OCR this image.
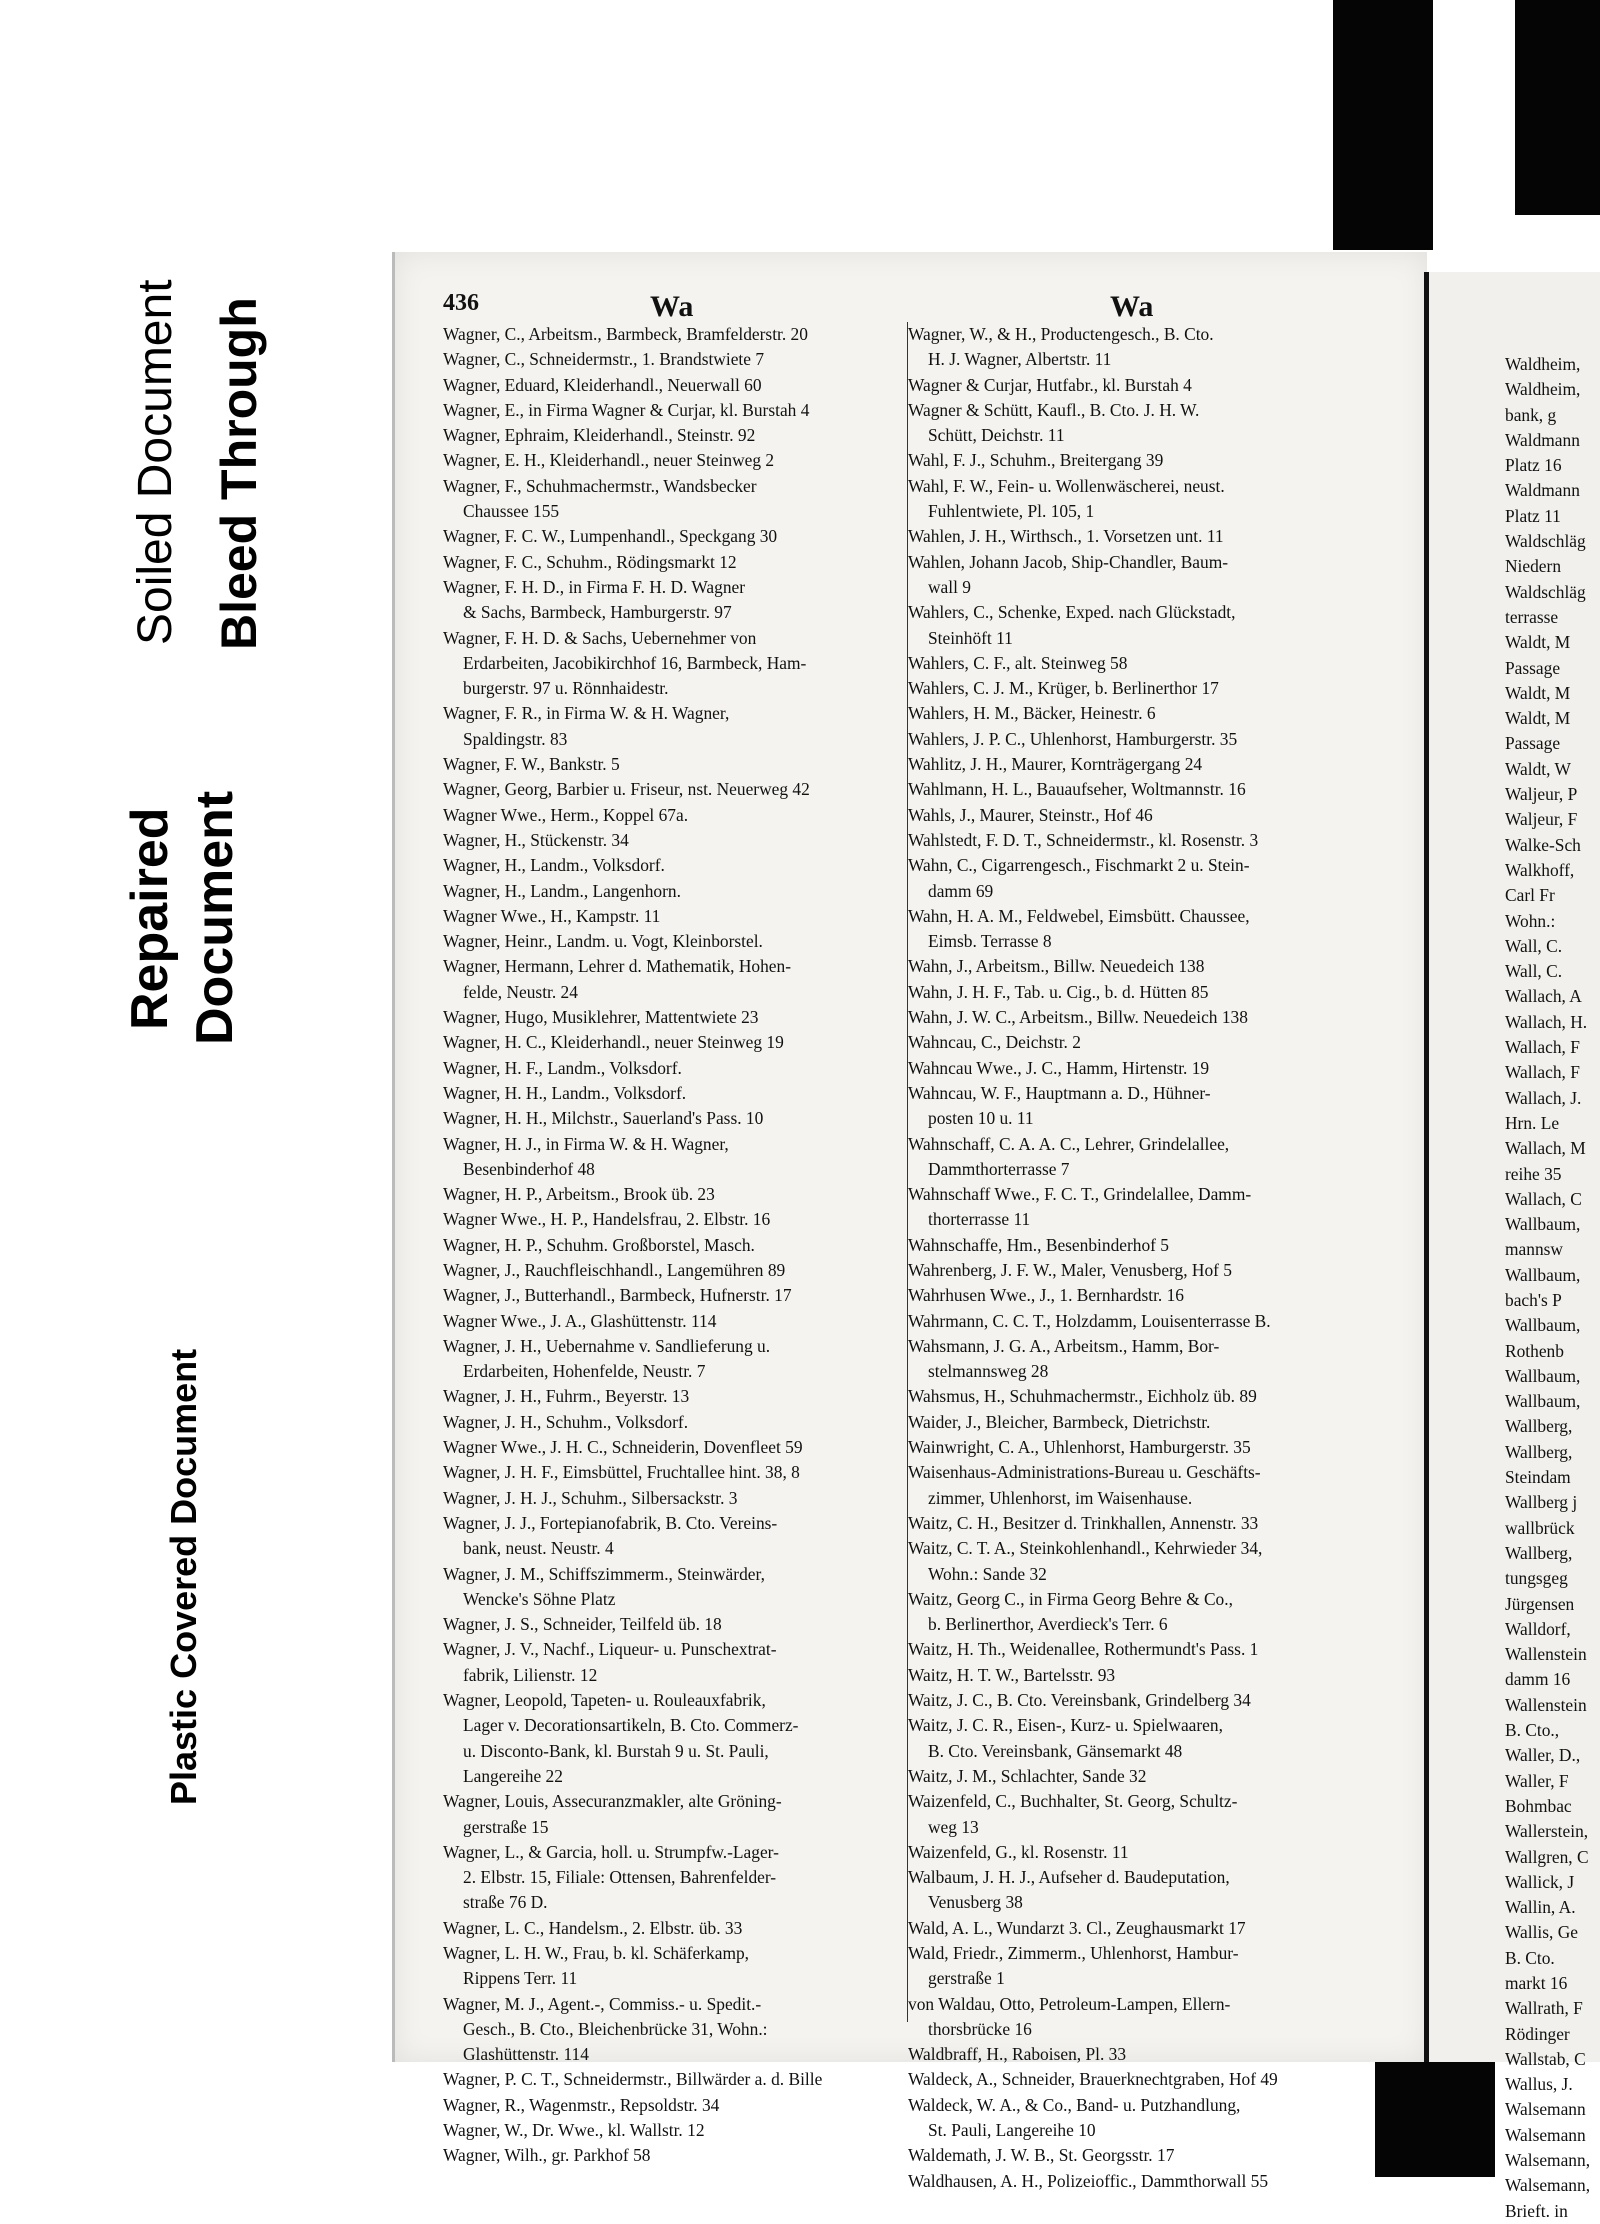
Soiled Document Bleed Through
Repaired Document
Plastic Covered Document
436	Wa	Wa
Wagner, C., Arbeitsm., Barmbeck, Bramfelderstr. 20
Wagner, C., Schneidermstr., 1. Brandstwiete 7
Wagner, Eduard, Kleiderhandl., Neuerwall 60
Wagner, E., in Firma Wagner & Curjar, kl. Burstah 4
Wagner, Ephraim, Kleiderhandl., Steinstr. 92
Wagner, E. H., Kleiderhandl., neuer Steinweg 2
Wagner, F., Schuhmachermstr., Wandsbecker
Chaussee 155
Wagner, F. C. W., Lumpenhandl., Speckgang 30
Wagner, F. C., Schuhm., Rödingsmarkt 12
Wagner, F. H. D., in Firma F. H. D. Wagner
& Sachs, Barmbeck, Hamburgerstr. 97
Wagner, F. H. D. & Sachs, Uebernehmer von
Erdarbeiten, Jacobikirchhof 16, Barmbeck, Ham-
burgerstr. 97 u. Rönnhaidestr.
Wagner, F. R., in Firma W. & H. Wagner,
Spaldingstr. 83
Wagner, F. W., Bankstr. 5
Wagner, Georg, Barbier u. Friseur, nst. Neuerweg 42
Wagner Wwe., Herm., Koppel 67a.
Wagner, H., Stückenstr. 34
Wagner, H., Landm., Volksdorf.
Wagner, H., Landm., Langenhorn.
Wagner Wwe., H., Kampstr. 11
Wagner, Heinr., Landm. u. Vogt, Kleinborstel.
Wagner, Hermann, Lehrer d. Mathematik, Hohen-
felde, Neustr. 24
Wagner, Hugo, Musiklehrer, Mattentwiete 23
Wagner, H. C., Kleiderhandl., neuer Steinweg 19
Wagner, H. F., Landm., Volksdorf.
Wagner, H. H., Landm., Volksdorf.
Wagner, H. H., Milchstr., Sauerland's Pass. 10
Wagner, H. J., in Firma W. & H. Wagner,
Besenbinderhof 48
Wagner, H. P., Arbeitsm., Brook üb. 23
Wagner Wwe., H. P., Handelsfrau, 2. Elbstr. 16
Wagner, H. P., Schuhm. Großborstel, Masch.
Wagner, J., Rauchfleischhandl., Langemühren 89
Wagner, J., Butterhandl., Barmbeck, Hufnerstr. 17
Wagner Wwe., J. A., Glashüttenstr. 114
Wagner, J. H., Uebernahme v. Sandlieferung u.
Erdarbeiten, Hohenfelde, Neustr. 7
Wagner, J. H., Fuhrm., Beyerstr. 13
Wagner, J. H., Schuhm., Volksdorf.
Wagner Wwe., J. H. C., Schneiderin, Dovenfleet 59
Wagner, J. H. F., Eimsbüttel, Fruchtallee hint. 38, 8
Wagner, J. H. J., Schuhm., Silbersackstr. 3
Wagner, J. J., Fortepianofabrik, B. Cto. Vereins-
bank, neust. Neustr. 4
Wagner, J. M., Schiffszimmerm., Steinwärder,
Wencke's Söhne Platz
Wagner, J. S., Schneider, Teilfeld üb. 18
Wagner, J. V., Nachf., Liqueur- u. Punschextrat-
fabrik, Lilienstr. 12
Wagner, Leopold, Tapeten- u. Rouleauxfabrik,
Lager v. Decorationsartikeln, B. Cto. Commerz-
u. Disconto-Bank, kl. Burstah 9 u. St. Pauli,
Langereihe 22
Wagner, Louis, Assecuranzmakler, alte Gröning-
gerstraße 15
Wagner, L., & Garcia, holl. u. Strumpfw.-Lager-
2. Elbstr. 15, Filiale: Ottensen, Bahrenfelder-
straße 76 D.
Wagner, L. C., Handelsm., 2. Elbstr. üb. 33
Wagner, L. H. W., Frau, b. kl. Schäferkamp,
Rippens Terr. 11
Wagner, M. J., Agent.-, Commiss.- u. Spedit.-
Gesch., B. Cto., Bleichenbrücke 31, Wohn.:
Glashüttenstr. 114
Wagner, P. C. T., Schneidermstr., Billwärder a. d. Bille
Wagner, R., Wagenmstr., Repsoldstr. 34
Wagner, W., Dr. Wwe., kl. Wallstr. 12
Wagner, Wilh., gr. Parkhof 58
Wagner, W., & H., Productengesch., B. Cto.
H. J. Wagner, Albertstr. 11
Wagner & Curjar, Hutfabr., kl. Burstah 4
Wagner & Schütt, Kaufl., B. Cto. J. H. W.
Schütt, Deichstr. 11
Wahl, F. J., Schuhm., Breitergang 39
Wahl, F. W., Fein- u. Wollenwäscherei, neust.
Fuhlentwiete, Pl. 105, 1
Wahlen, J. H., Wirthsch., 1. Vorsetzen unt. 11
Wahlen, Johann Jacob, Ship-Chandler, Baum-
wall 9
Wahlers, C., Schenke, Exped. nach Glückstadt,
Steinhöft 11
Wahlers, C. F., alt. Steinweg 58
Wahlers, C. J. M., Krüger, b. Berlinerthor 17
Wahlers, H. M., Bäcker, Heinestr. 6
Wahlers, J. P. C., Uhlenhorst, Hamburgerstr. 35
Wahlitz, J. H., Maurer, Kornträgergang 24
Wahlmann, H. L., Bauaufseher, Woltmannstr. 16
Wahls, J., Maurer, Steinstr., Hof 46
Wahlstedt, F. D. T., Schneidermstr., kl. Rosenstr. 3
Wahn, C., Cigarrengesch., Fischmarkt 2 u. Stein-
damm 69
Wahn, H. A. M., Feldwebel, Eimsbütt. Chaussee,
Eimsb. Terrasse 8
Wahn, J., Arbeitsm., Billw. Neuedeich 138
Wahn, J. H. F., Tab. u. Cig., b. d. Hütten 85
Wahn, J. W. C., Arbeitsm., Billw. Neuedeich 138
Wahncau, C., Deichstr. 2
Wahncau Wwe., J. C., Hamm, Hirtenstr. 19
Wahncau, W. F., Hauptmann a. D., Hühner-
posten 10 u. 11
Wahnschaff, C. A. A. C., Lehrer, Grindelallee,
Dammthorterrasse 7
Wahnschaff Wwe., F. C. T., Grindelallee, Damm-
thorterrasse 11
Wahnschaffe, Hm., Besenbinderhof 5
Wahrenberg, J. F. W., Maler, Venusberg, Hof 5
Wahrhusen Wwe., J., 1. Bernhardstr. 16
Wahrmann, C. C. T., Holzdamm, Louisenterrasse B.
Wahsmann, J. G. A., Arbeitsm., Hamm, Bor-
stelmannsweg 28
Wahsmus, H., Schuhmachermstr., Eichholz üb. 89
Waider, J., Bleicher, Barmbeck, Dietrichstr.
Wainwright, C. A., Uhlenhorst, Hamburgerstr. 35
Waisenhaus-Administrations-Bureau u. Geschäfts-
zimmer, Uhlenhorst, im Waisenhause.
Waitz, C. H., Besitzer d. Trinkhallen, Annenstr. 33
Waitz, C. T. A., Steinkohlenhandl., Kehrwieder 34,
Wohn.: Sande 32
Waitz, Georg C., in Firma Georg Behre & Co.,
b. Berlinerthor, Averdieck's Terr. 6
Waitz, H. Th., Weidenallee, Rothermundt's Pass. 1
Waitz, H. T. W., Bartelsstr. 93
Waitz, J. C., B. Cto. Vereinsbank, Grindelberg 34
Waitz, J. C. R., Eisen-, Kurz- u. Spielwaaren,
B. Cto. Vereinsbank, Gänsemarkt 48
Waitz, J. M., Schlachter, Sande 32
Waizenfeld, C., Buchhalter, St. Georg, Schultz-
weg 13
Waizenfeld, G., kl. Rosenstr. 11
Walbaum, J. H. J., Aufseher d. Baudeputation,
Venusberg 38
Wald, A. L., Wundarzt 3. Cl., Zeughausmarkt 17
Wald, Friedr., Zimmerm., Uhlenhorst, Hambur-
gerstraße 1
von Waldau, Otto, Petroleum-Lampen, Ellern-
thorsbrücke 16
Waldbraff, H., Raboisen, Pl. 33
Waldeck, A., Schneider, Brauerknechtgraben, Hof 49
Waldeck, W. A., & Co., Band- u. Putzhandlung,
St. Pauli, Langereihe 10
Waldemath, J. W. B., St. Georgsstr. 17
Waldhausen, A. H., Polizeioffic., Dammthorwall 55
Waldheim,
Waldheim,
bank, g
Waldmann
Platz 16
Waldmann
Platz 11
Waldschläg
Niedern
Waldschläg
terrasse
Waldt, M
Passage
Waldt, M
Waldt, M
Passage
Waldt, W
Waljeur, P
Waljeur, F
Walke-Sch
Walkhoff,
Carl Fr
Wohn.:
Wall, C.
Wall, C.
Wallach, A
Wallach, H.
Wallach, F
Wallach, F
Wallach, J.
Hrn. Le
Wallach, M
reihe 35
Wallach, C
Wallbaum,
mannsw
Wallbaum,
bach's P
Wallbaum,
Rothenb
Wallbaum,
Wallbaum,
Wallberg,
Wallberg,
Steindam
Wallberg j
wallbrück
Wallberg,
tungsgeg
Jürgensen
Walldorf,
Wallenstein
damm 16
Wallenstein
B. Cto.,
Waller, D.,
Waller, F
Bohmbac
Wallerstein,
Wallgren, C
Wallick, J
Wallin, A.
Wallis, Ge
B. Cto.
markt 16
Wallrath, F
Rödinger
Wallstab, C
Wallus, J.
Walsemann
Walsemann
Walsemann,
Walsemann,
Brieft. in
